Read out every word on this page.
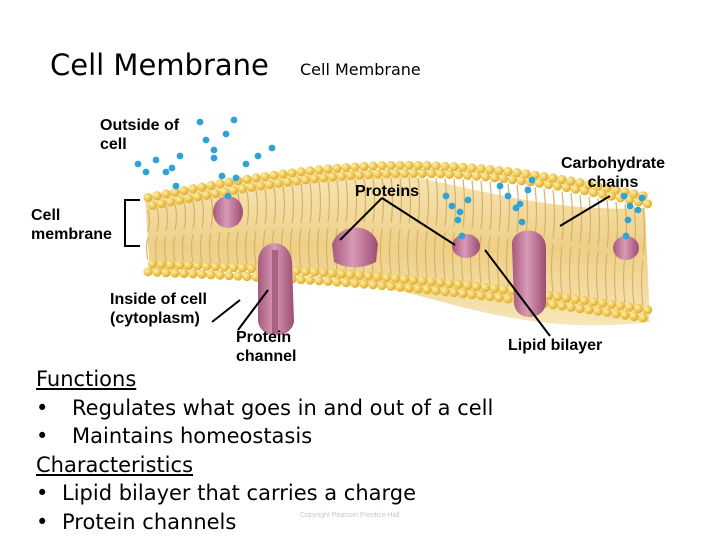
Cell Membrane Cell Membrane
Outside of cell
Carbohydrate chains
Proteins
Cell membrane
Inside of cell (cytoplasm)
Protein channel
Lipid bilayer
Functions
•	Regulates what goes in and out of a cell
•	Maintains homeostasis
Characteristics
• Lipid bilayer that carries a charge
• Protein channels	Copyright Pearson Prentice Hall
